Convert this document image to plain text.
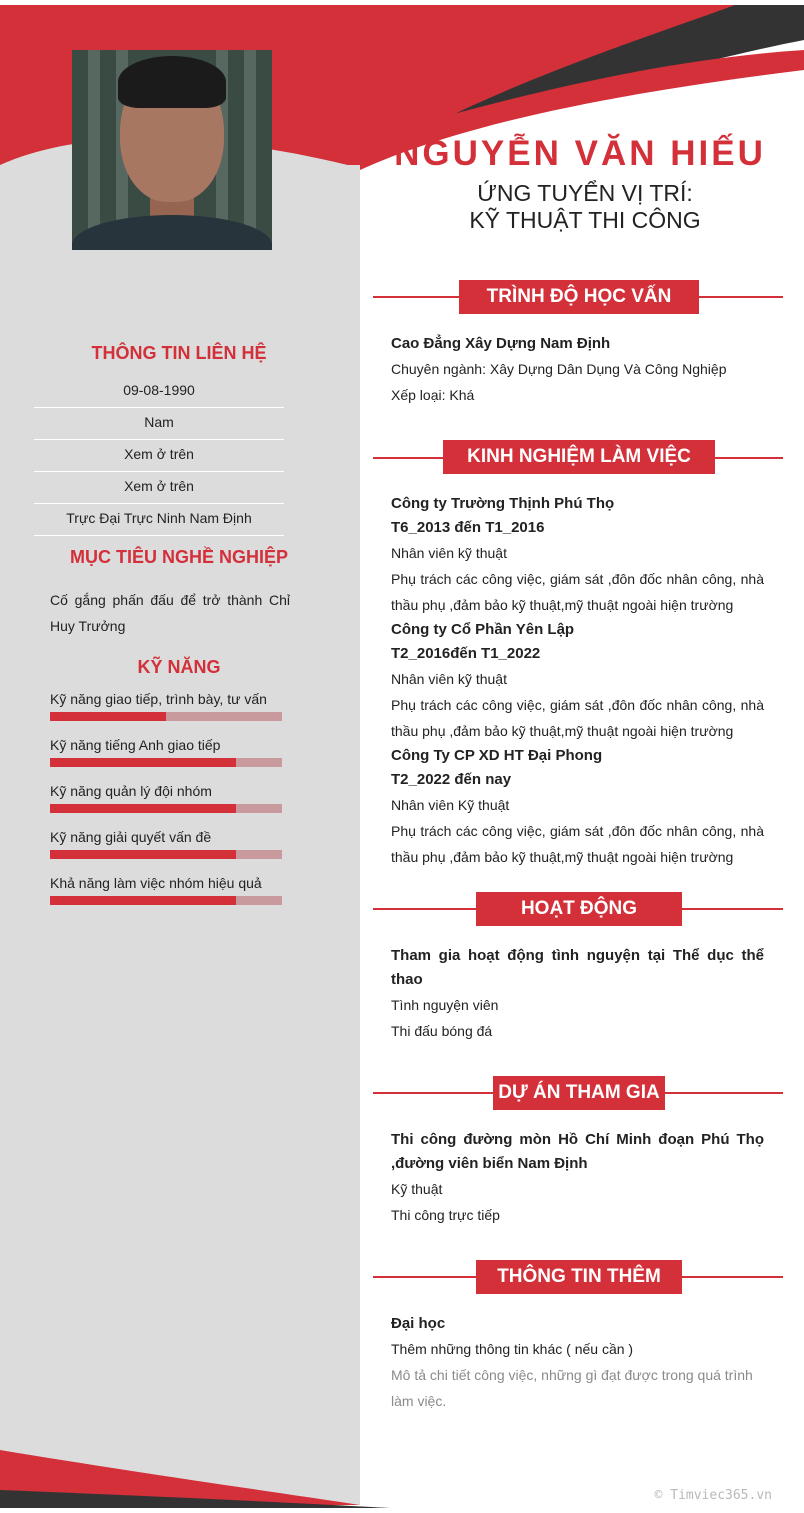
NGUYỄN VĂN HIẾU
ỨNG TUYỂN VỊ TRÍ:
KỸ THUẬT THI CÔNG
THÔNG TIN LIÊN HỆ
09-08-1990
Nam
Xem ở trên
Xem ở trên
Trực Đại Trực Ninh Nam Định
MỤC TIÊU NGHỀ NGHIỆP
Cố gắng phấn đấu để trở thành Chỉ Huy Trưởng
KỸ NĂNG
Kỹ năng giao tiếp, trình bày, tư vấn
Kỹ năng tiếng Anh giao tiếp
Kỹ năng quản lý đội nhóm
Kỹ năng giải quyết vấn đề
Khả năng làm việc nhóm hiệu quả
TRÌNH ĐỘ HỌC VẤN
Cao Đẳng Xây Dựng Nam Định
Chuyên ngành: Xây Dựng Dân Dụng Và Công Nghiệp
Xếp loại: Khá
KINH NGHIỆM LÀM VIỆC
Công ty Trường Thịnh Phú Thọ
T6_2013 đến T1_2016
Nhân viên kỹ thuật
Phụ trách các công việc, giám sát ,đôn đốc nhân công, nhà thầu phụ ,đảm bảo kỹ thuật,mỹ thuật ngoài hiện trường
Công ty Cổ Phần Yên Lập
T2_2016đến T1_2022
Nhân viên kỹ thuật
Phụ trách các công việc, giám sát ,đôn đốc nhân công, nhà thầu phụ ,đảm bảo kỹ thuật,mỹ thuật ngoài hiện trường
Công Ty CP XD HT Đại Phong
T2_2022 đến nay
Nhân viên Kỹ thuật
Phụ trách các công việc, giám sát ,đôn đốc nhân công, nhà thầu phụ ,đảm bảo kỹ thuật,mỹ thuật ngoài hiện trường
HOẠT ĐỘNG
Tham gia hoạt động tình nguyện tại Thể dục thể thao
Tình nguyện viên
Thi đấu bóng đá
DỰ ÁN THAM GIA
Thi công đường mòn Hồ Chí Minh đoạn Phú Thọ ,đường viên biển Nam Định
Kỹ thuật
Thi công trực tiếp
THÔNG TIN THÊM
Đại học
Thêm những thông tin khác ( nếu cần )
Mô tả chi tiết công việc, những gì đạt được trong quá trình làm việc.
© Timviec365.vn
